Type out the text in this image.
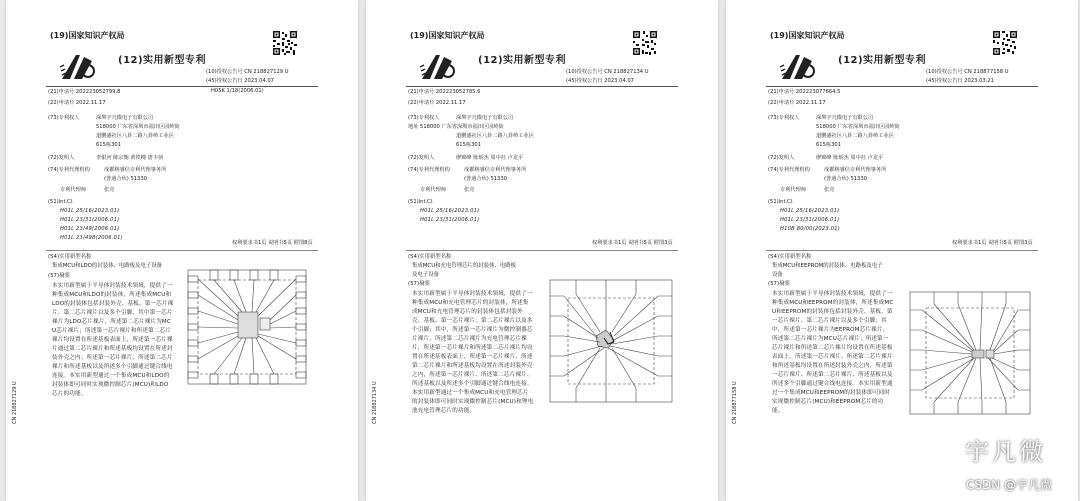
(19)国家知识产权局
(12)实用新型专利
(10)授权公告号 CN 218827129 U
(45)授权公告日 2023.04.07
(21)申请号 202223052799.8	H05K 1/18(2006.01)
(22)申请日 2022.11.17
(73)专利权人	深圳宇凡微电子有限公司
518000 广东省深圳市福田区园岭街
道鹏盛社区八卦二路八卦岭工业区
615栋301
(72)发明人	李银河 陈宗衡 黄铁樽 唐丰侦
(74)专利代理机构	成都榕睿信专利代理事务所
(普通合伙) 51330
专利代理师	张竞
(51)Int.Cl.
H01L 25/16(2023.01)
H01L 23/31(2006.01)
H01L 23/49(2006.01)
H01L 23/498(2006.01)
权利要求书1页 说明书5页 附图8页
(54)实用新型名称
集成MCU和LDO的封装体、电路板及电子设备
(57)摘要
本实用新型属于半导体封装技术领域，提供了一种集成MCU和LDO的封装体，所述集成MCU和LDO的封装体包括封装外壳、基板、第一芯片裸片、第二芯片裸片以及多个引脚，其中第一芯片裸片为LDO芯片裸片，所述第二芯片裸片为MCU芯片裸片；所述第一芯片裸片和所述第二芯片裸片均设置在所述基板表面上，所述第一芯片裸片通过第二芯片裸片和所述基板均设置在所述封装外壳之内；所述第一芯片裸片、所述第二芯片裸片和所述基板以及所述多个引脚通过键合线电连接。本实用新型通过一个集成MCU和LDO的封装体即可同时实现微控制芯片(MCU)和LDO芯片的功能。
CN 218827129 U
(19)国家知识产权局
(12)实用新型专利
(10)授权公告号 CN 218827134 U
(45)授权公告日 2023.04.07
(21)申请号 202223052785.6
(22)申请日 2022.11.17
(73)专利权人	深圳宇凡微电子有限公司
地址 518000 广东省深圳市福田区园岭街
道鹏盛社区八卦二路八卦岭工业区
615栋301
(72)发明人	廖锦峰 陈炳杰 周中社 卢龙平
(74)专利代理机构	成都榕睿信专利代理事务所
(普通合伙) 51330
专利代理师	张竞
(51)Int.Cl.
H01L 25/16(2023.01)
H01L 23/31(2006.01)
权利要求书1页 说明书5页 附图3页
(54)实用新型名称
集成MCU和充电管理芯片的封装体、电路板
及电子设备
(57)摘要
本实用新型属于半导体封装技术领域，提供了一种集成MCU和充电管理芯片的封装体，所述集成MCU和充电管理芯片的封装体包括封装外壳、基板、第一芯片裸片、第二芯片裸片以及多个引脚；其中，所述第一芯片裸片为微控制器芯片裸片，所述第二芯片裸片为充电管理芯片裸片，所述第一芯片裸片和所述第二芯片裸片均设置在所述基板表面上，所述第一芯片裸片、所述第二芯片裸片和所述基板均设置在所述封装外壳之内，所述第一芯片裸片、所述第二芯片裸片、所述基板以及所述多个引脚通过键合线电连接。本实用新型通过一个集成MCU和充电管理芯片的封装体即可同时实现微控制芯片(MCU)和锂电池充电管理芯片的功能。
CN 218827134 U
(19)国家知识产权局
(12)实用新型专利
(10)授权公告号 CN 218877158 U
(45)授权公告日 2023.03.21
(21)申请号 202223077664.5
(22)申请日 2022.11.17
(73)专利权人	深圳宇凡微电子有限公司
518000 广东省深圳市福田区园岭街
道鹏盛社区八卦二路八卦岭工业区
615栋301
(72)发明人	廖锦峰 陈炳杰 周中社 卢龙平
(74)专利代理机构	成都榕睿信专利代理事务所
(普通合伙) 51330
专利代理师	张竞
(51)Int.Cl.
H01L 25/16(2023.01)
H01L 23/31(2006.01)
H10B 80/00(2023.01)
权利要求书1页 说明书5页 附图3页
(54)实用新型名称
集成MCU和EEPROM的封装体、电路板及电子
设备
(57)摘要
本实用新型属于半导体封装技术领域，提供了一种集成MCU和EEPROM的封装体，所述集成MCU和EEPROM的封装体包括封装外壳、基板、第一芯片裸片、第二芯片裸片以及多个引脚；其中，所述第一芯片裸片为EEPROM芯片裸片，所述第二芯片裸片为MCU芯片裸片；所述第一芯片裸片和所述第二芯片裸片均设置在所述基板表面上，所述第一芯片裸片、所述第二芯片裸片和所述基板均设置在所述封装外壳之内，所述第一芯片裸片、所述第二芯片裸片、所述基板以及所述多个引脚通过键合线电连接。本实用新型通过一个集成MCU和EEPROM的封装体即可同时实现微控制芯片(MCU)和EEPROM芯片的功能。
CN 218877158 U
宇凡微
CSDN @宇凡微
